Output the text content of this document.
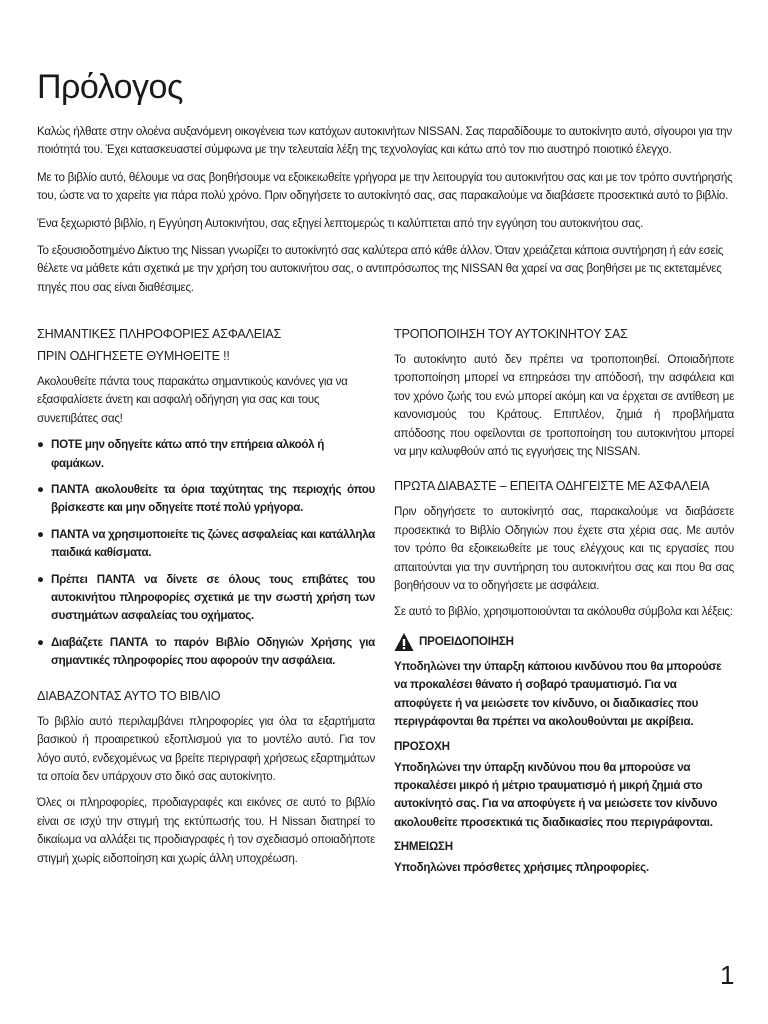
Πρόλογος

Καλώς ήλθατε στην ολοένα αυξανόμενη οικογένεια των κατόχων αυτοκινήτων NISSAN. Σας παραδίδουμε το αυτοκίνητο αυτό, σίγουροι για την ποιότητά του. Έχει κατασκευαστεί σύμφωνα με την τελευταία λέξη της τεχνολογίας και κάτω από τον πιο αυστηρό ποιοτικό έλεγχο.

Με το βιβλίο αυτό, θέλουμε να σας βοηθήσουμε να εξοικειωθείτε γρήγορα με την λειτουργία του αυτοκινήτου σας και με τον τρόπο συντήρησής του, ώστε να το χαρείτε για πάρα πολύ χρόνο. Πριν οδηγήσετε το αυτοκίνητό σας, σας παρακαλούμε να διαβάσετε προσεκτικά αυτό το βιβλίο.

Ένα ξεχωριστό βιβλίο, η Εγγύηση Αυτοκινήτου, σας εξηγεί λεπτομερώς τι καλύπτεται από την εγγύηση του αυτοκινήτου σας.

Το εξουσιοδοτημένο Δίκτυο της Nissan γνωρίζει το αυτοκίνητό σας καλύτερα από κάθε άλλον. Όταν χρειάζεται κάποια συντήρηση ή εάν εσείς θέλετε να μάθετε κάτι σχετικά με την χρήση του αυτοκινήτου σας, ο αντιπρόσωπος της NISSAN θα χαρεί να σας βοηθήσει με τις εκτεταμένες πηγές που σας είναι διαθέσιμες.

ΣΗΜΑΝΤΙΚΕΣ ΠΛΗΡΟΦΟΡΙΕΣ ΑΣΦΑΛΕΙΑΣ
ΠΡΙΝ ΟΔΗΓΗΣΕΤΕ ΘΥΜΗΘΕΙΤΕ !!

Ακολουθείτε πάντα τους παρακάτω σημαντικούς κανόνες για να εξασφαλίσετε άνετη και ασφαλή οδήγηση για σας και τους συνεπιβάτες σας!

● ΠΟΤΕ μην οδηγείτε κάτω από την επήρεια αλκοόλ ή φαμάκων.
● ΠΑΝΤΑ ακολουθείτε τα όρια ταχύτητας της περιοχής όπου βρίσκεστε και μην οδηγείτε ποτέ πολύ γρήγορα.
● ΠΑΝΤΑ να χρησιμοποιείτε τις ζώνες ασφαλείας και κατάλληλα παιδικά καθίσματα.
● Πρέπει ΠΑΝΤΑ να δίνετε σε όλους τους επιβάτες του αυτοκινήτου πληροφορίες σχετικά με την σωστή χρήση των συστημάτων ασφαλείας του οχήματος.
● Διαβάζετε ΠΑΝΤΑ το παρόν Βιβλίο Οδηγιών Χρήσης για σημαντικές πληροφορίες που αφορούν την ασφάλεια.
ΔΙΑΒΑΖΟΝΤΑΣ ΑΥΤΟ ΤΟ ΒΙΒΛΙΟ

Το βιβλίο αυτό περιλαμβάνει πληροφορίες για όλα τα εξαρτήματα βασικού ή προαιρετικού εξοπλισμού για το μοντέλο αυτό. Για τον λόγο αυτό, ενδεχομένως να βρείτε περιγραφή χρήσεως εξαρτημάτων τα οποία δεν υπάρχουν στο δικό σας αυτοκίνητο.

Όλες οι πληροφορίες, προδιαγραφές και εικόνες σε αυτό το βιβλίο είναι σε ισχύ την στιγμή της εκτύπωσής του. Η Nissan διατηρεί το δικαίωμα να αλλάξει τις προδιαγραφές ή τον σχεδιασμό οποιαδήποτε στιγμή χωρίς ειδοποίηση και χωρίς άλλη υποχρέωση.

ΤΡΟΠΟΠΟΙΗΣΗ ΤΟΥ ΑΥΤΟΚΙΝΗΤΟΥ ΣΑΣ

Το αυτοκίνητο αυτό δεν πρέπει να τροποποιηθεί. Οποιαδήποτε τροποποίηση μπορεί να επηρεάσει την απόδοσή, την ασφάλεια και τον χρόνο ζωής του ενώ μπορεί ακόμη και να έρχεται σε αντίθεση με κανονισμούς του Κράτους. Επιπλέον, ζημιά ή προβλήματα απόδοσης που οφείλονται σε τροποποίηση του αυτοκινήτου μπορεί να μην καλυφθούν από τις εγγυήσεις της NISSAN.

ΠΡΩΤΑ ΔΙΑΒΑΣΤΕ – ΕΠΕΙΤΑ ΟΔΗΓΕΙΣΤΕ ΜΕ ΑΣΦΑΛΕΙΑ

Πριν οδηγήσετε το αυτοκίνητό σας, παρακαλούμε να διαβάσετε προσεκτικά το Βιβλίο Οδηγιών που έχετε στα χέρια σας. Με αυτόν τον τρόπο θα εξοικειωθείτε με τους ελέγχους και τις εργασίες που απαιτούνται για την συντήρηση του αυτοκινήτου σας και που θα σας βοηθήσουν να το οδηγήσετε με ασφάλεια.

Σε αυτό το βιβλίο, χρησιμοποιούνται τα ακόλουθα σύμβολα και λέξεις:

ΠΡΟΕΙΔΟΠΟΙΗΣΗ

Υποδηλώνει την ύπαρξη κάποιου κινδύνου που θα μπορούσε να προκαλέσει θάνατο ή σοβαρό τραυματισμό. Για να αποφύγετε ή να μειώσετε τον κίνδυνο, οι διαδικασίες που περιγράφονται θα πρέπει να ακολουθούνται με ακρίβεια.

ΠΡΟΣΟΧΗ

Υποδηλώνει την ύπαρξη κινδύνου που θα μπορούσε να προκαλέσει μικρό ή μέτριο τραυματισμό ή μικρή ζημιά στο αυτοκίνητό σας. Για να αποφύγετε ή να μειώσετε τον κίνδυνο ακολουθείτε προσεκτικά τις διαδικασίες που περιγράφονται.

ΣΗΜΕΙΩΣΗ

Υποδηλώνει πρόσθετες χρήσιμες πληροφορίες.

1
